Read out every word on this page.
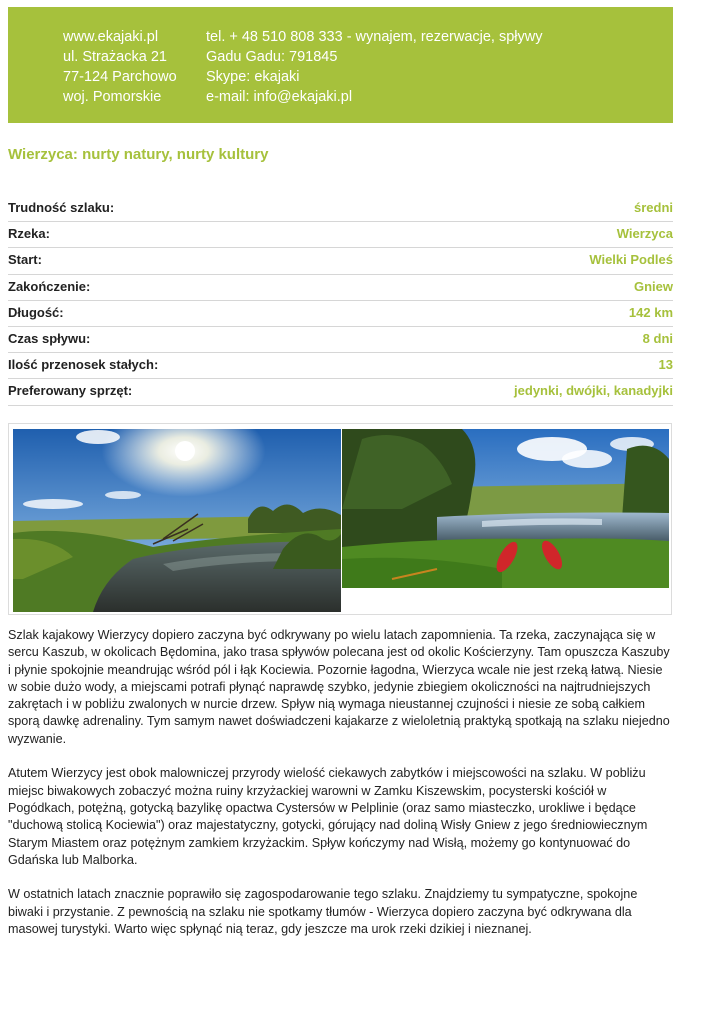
www.ekajaki.pl
ul. Strażacka 21
77-124 Parchowo
woj. Pomorskie
tel. + 48 510 808 333 - wynajem, rezerwacje, spływy
Gadu Gadu: 791845
Skype: ekajaki
e-mail: info@ekajaki.pl
Wierzyca: nurty natury, nurty kultury
Trudność szlaku:	średni
Rzeka:	Wierzyca
Start:	Wielki Podleś
Zakończenie:	Gniew
Długość:	142 km
Czas spływu:	8 dni
Ilość przenosek stałych:	13
Preferowany sprzęt:	jedynki, dwójki, kanadyjki

Szlak kajakowy Wierzycy dopiero zaczyna być odkrywany po wielu latach zapomnienia. Ta rzeka, zaczynająca się w sercu Kaszub, w okolicach Będomina, jako trasa spływów polecana jest od okolic Kościerzyny. Tam opuszcza Kaszuby i płynie spokojnie meandrując wśród pól i łąk Kociewia. Pozornie łagodna, Wierzyca wcale nie jest rzeką łatwą. Niesie w sobie dużo wody, a miejscami potrafi płynąć naprawdę szybko, jedynie zbiegiem okoliczności na najtrudniejszych zakrętach i w pobliżu zwalonych w nurcie drzew. Spływ nią wymaga nieustannej czujności i niesie ze sobą całkiem sporą dawkę adrenaliny. Tym samym nawet doświadczeni kajakarze z wieloletnią praktyką spotkają na szlaku niejedno wyzwanie.

Atutem Wierzycy jest obok malowniczej przyrody wielość ciekawych zabytków i miejscowości na szlaku. W pobliżu miejsc biwakowych zobaczyć można ruiny krzyżackiej warowni w Zamku Kiszewskim, pocysterski kościół w Pogódkach, potężną, gotycką bazylikę opactwa Cystersów w Pelplinie (oraz samo miasteczko, urokliwe i będące "duchową stolicą Kociewia") oraz majestatyczny, gotycki, górujący nad doliną Wisły Gniew z jego średniowiecznym Starym Miastem oraz potężnym zamkiem krzyżackim. Spływ kończymy nad Wisłą, możemy go kontynuować do Gdańska lub Malborka.

W ostatnich latach znacznie poprawiło się zagospodarowanie tego szlaku. Znajdziemy tu sympatyczne, spokojne biwaki i przystanie. Z pewnością na szlaku nie spotkamy tłumów - Wierzyca dopiero zaczyna być odkrywana dla masowej turystyki. Warto więc spłynąć nią teraz, gdy jeszcze ma urok rzeki dzikiej i nieznanej.
